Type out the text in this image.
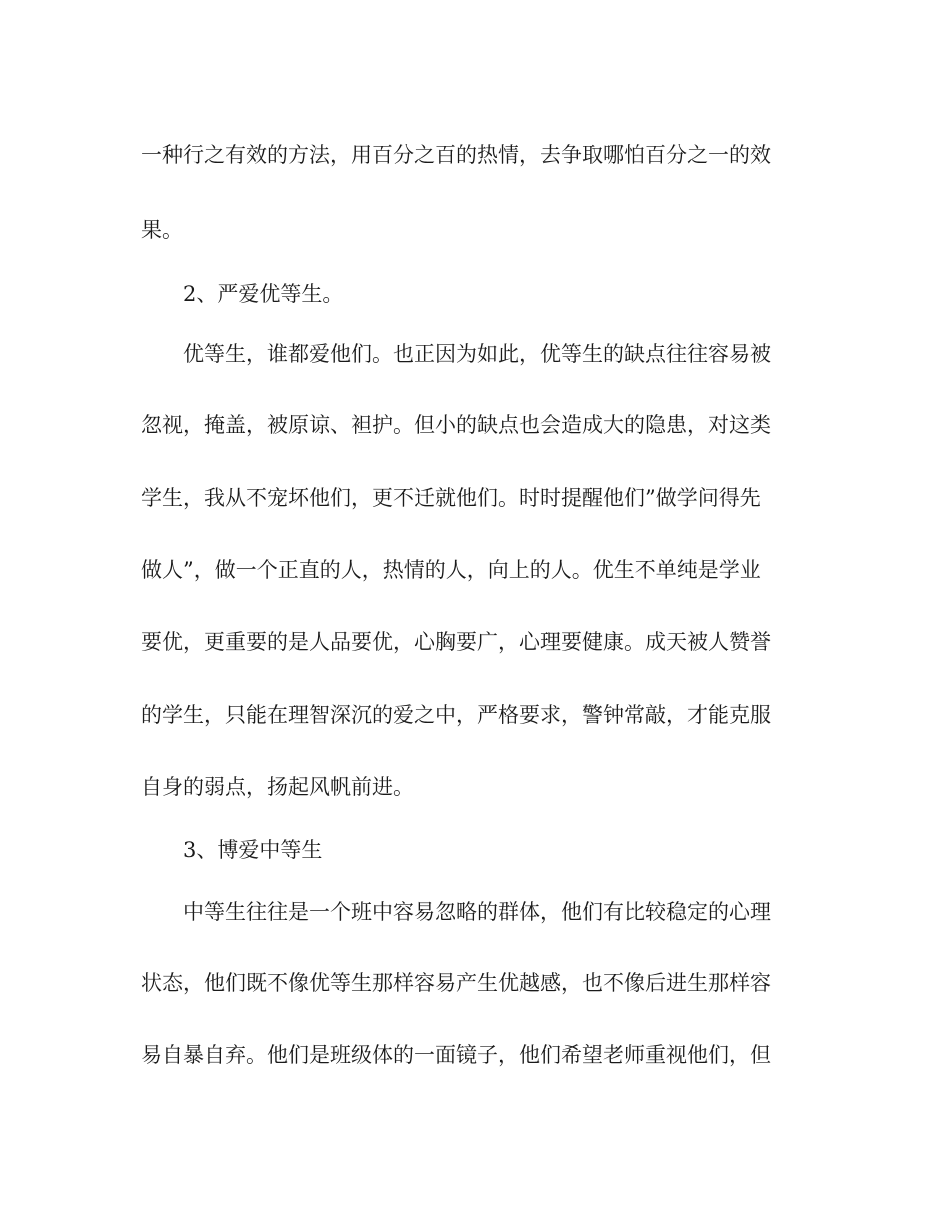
一种行之有效的方法，用百分之百的热情，去争取哪怕百分之一的效
果。
2、严爱优等生。
优等生，谁都爱他们。也正因为如此，优等生的缺点往往容易被
忽视，掩盖，被原谅、袒护。但小的缺点也会造成大的隐患，对这类
学生，我从不宠坏他们，更不迁就他们。时时提醒他们”做学问得先
做人”，做一个正直的人，热情的人，向上的人。优生不单纯是学业
要优，更重要的是人品要优，心胸要广，心理要健康。成天被人赞誉
的学生，只能在理智深沉的爱之中，严格要求，警钟常敲，才能克服
自身的弱点，扬起风帆前进。
3、博爱中等生
中等生往往是一个班中容易忽略的群体，他们有比较稳定的心理
状态，他们既不像优等生那样容易产生优越感，也不像后进生那样容
易自暴自弃。他们是班级体的一面镜子，他们希望老师重视他们，但
